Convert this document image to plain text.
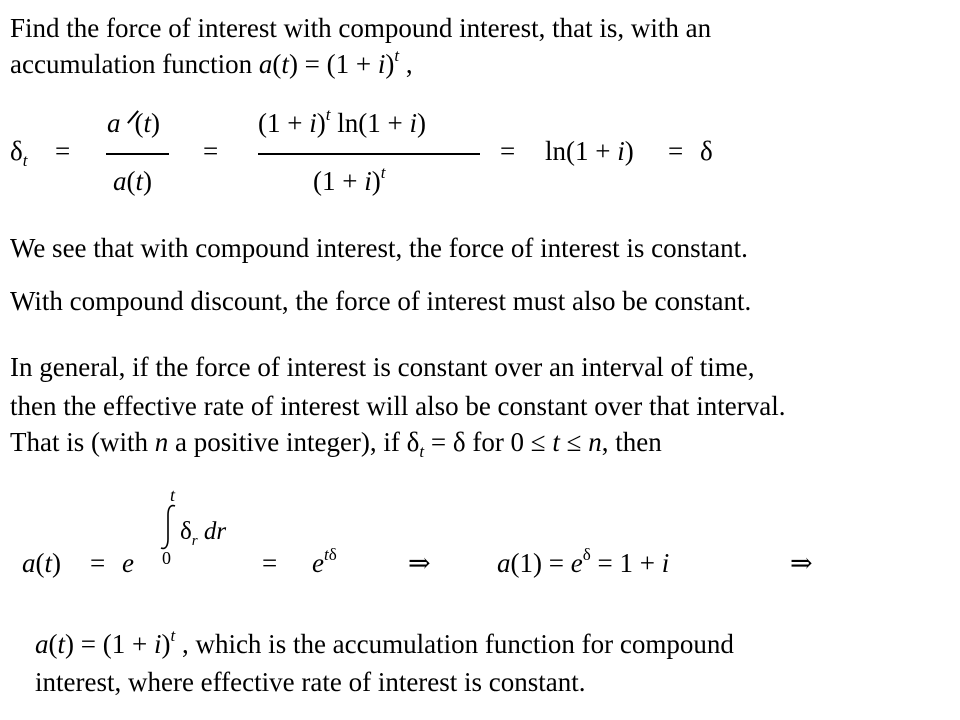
Find the force of interest with compound interest, that is, with an
accumulation function $a(t) = (1 + i)^t$ ,
$\delta_t$ =
a (t)
a(t)
=
$(1 + i)^t$ ln(1 + i)
$(1 + i)^t$
= ln(1 + i) = δ
We see that with compound interest, the force of interest is constant.
With compound discount, the force of interest must also be constant.
In general, if the force of interest is constant over an interval of time,
then the effective rate of interest will also be constant over that interval.
That is (with n a positive integer), if $\delta_t = \delta$ for 0 ≤ t ≤ n, then
a(t) = e
t
0
$\delta_r$ dr
= $e^{t\delta}$	⇒ $a(1) = e^\delta = 1 + i$	⇒
$a(t) = (1 + i)^t$ , which is the accumulation function for compound
interest, where effective rate of interest is constant.
